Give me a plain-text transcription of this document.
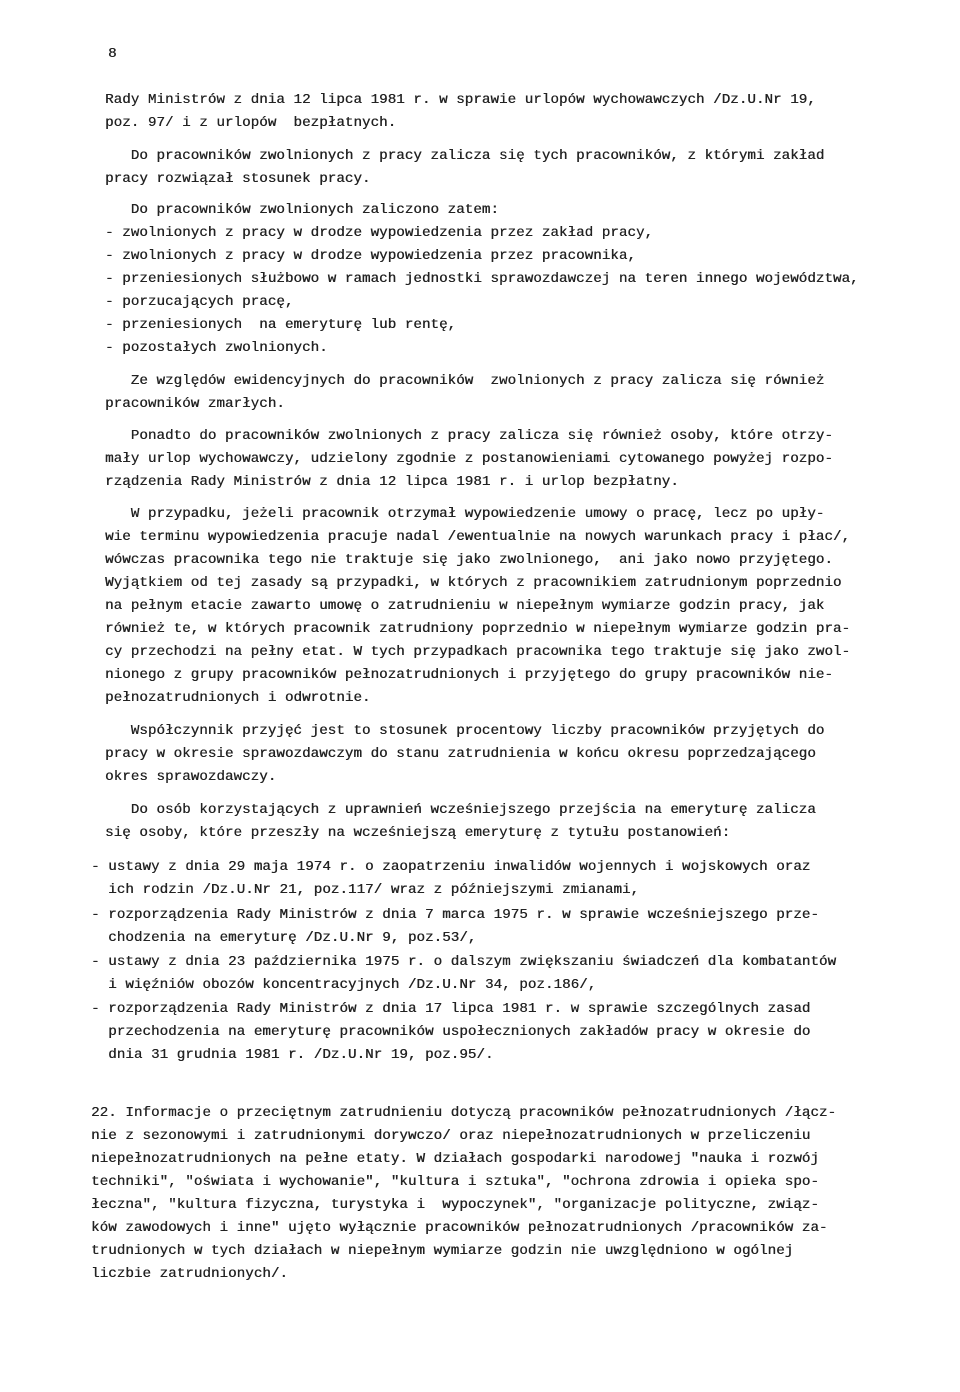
8
Rady Ministrów z dnia 12 lipca 1981 r. w sprawie urlopów wychowawczych /Dz.U.Nr 19,
poz. 97/ i z urlopów  bezpłatnych.
Do pracowników zwolnionych z pracy zalicza się tych pracowników, z którymi zakład
pracy rozwiązał stosunek pracy.
Do pracowników zwolnionych zaliczono zatem:
- zwolnionych z pracy w drodze wypowiedzenia przez zakład pracy,
- zwolnionych z pracy w drodze wypowiedzenia przez pracownika,
- przeniesionych służbowo w ramach jednostki sprawozdawczej na teren innego województwa,
- porzucających pracę,
- przeniesionych  na emeryturę lub rentę,
- pozostałych zwolnionych.
Ze względów ewidencyjnych do pracowników  zwolnionych z pracy zalicza się również
pracowników zmarłych.
Ponadto do pracowników zwolnionych z pracy zalicza się również osoby, które otrzy-
mały urlop wychowawczy, udzielony zgodnie z postanowieniami cytowanego powyżej rozpo-
rządzenia Rady Ministrów z dnia 12 lipca 1981 r. i urlop bezpłatny.
W przypadku, jeżeli pracownik otrzymał wypowiedzenie umowy o pracę, lecz po upły-
wie terminu wypowiedzenia pracuje nadal /ewentualnie na nowych warunkach pracy i płac/,
wówczas pracownika tego nie traktuje się jako zwolnionego,  ani jako nowo przyjętego.
Wyjątkiem od tej zasady są przypadki, w których z pracownikiem zatrudnionym poprzednio
na pełnym etacie zawarto umowę o zatrudnieniu w niepełnym wymiarze godzin pracy, jak
również te, w których pracownik zatrudniony poprzednio w niepełnym wymiarze godzin pra-
cy przechodzi na pełny etat. W tych przypadkach pracownika tego traktuje się jako zwol-
nionego z grupy pracowników pełnozatrudnionych i przyjętego do grupy pracowników nie-
pełnozatrudnionych i odwrotnie.
Współczynnik przyjęć jest to stosunek procentowy liczby pracowników przyjętych do
pracy w okresie sprawozdawczym do stanu zatrudnienia w końcu okresu poprzedzającego
okres sprawozdawczy.
Do osób korzystających z uprawnień wcześniejszego przejścia na emeryturę zalicza
się osoby, które przeszły na wcześniejszą emeryturę z tytułu postanowień:
- ustawy z dnia 29 maja 1974 r. o zaopatrzeniu inwalidów wojennych i wojskowych oraz
ich rodzin /Dz.U.Nr 21, poz.117/ wraz z późniejszymi zmianami,
- rozporządzenia Rady Ministrów z dnia 7 marca 1975 r. w sprawie wcześniejszego prze-
chodzenia na emeryturę /Dz.U.Nr 9, poz.53/,
- ustawy z dnia 23 października 1975 r. o dalszym zwiększaniu świadczeń dla kombatantów
i więźniów obozów koncentracyjnych /Dz.U.Nr 34, poz.186/,
- rozporządzenia Rady Ministrów z dnia 17 lipca 1981 r. w sprawie szczególnych zasad
przechodzenia na emeryturę pracowników uspołecznionych zakładów pracy w okresie do
dnia 31 grudnia 1981 r. /Dz.U.Nr 19, poz.95/.
22. Informacje o przeciętnym zatrudnieniu dotyczą pracowników pełnozatrudnionych /łącz-
nie z sezonowymi i zatrudnionymi dorywczo/ oraz niepełnozatrudnionych w przeliczeniu
niepełnozatrudnionych na pełne etaty. W działach gospodarki narodowej "nauka i rozwój
techniki", "oświata i wychowanie", "kultura i sztuka", "ochrona zdrowia i opieka spo-
łeczna", "kultura fizyczna, turystyka i  wypoczynek", "organizacje polityczne, związ-
ków zawodowych i inne" ujęto wyłącznie pracowników pełnozatrudnionych /pracowników za-
trudnionych w tych działach w niepełnym wymiarze godzin nie uwzględniono w ogólnej
liczbie zatrudnionych/.
